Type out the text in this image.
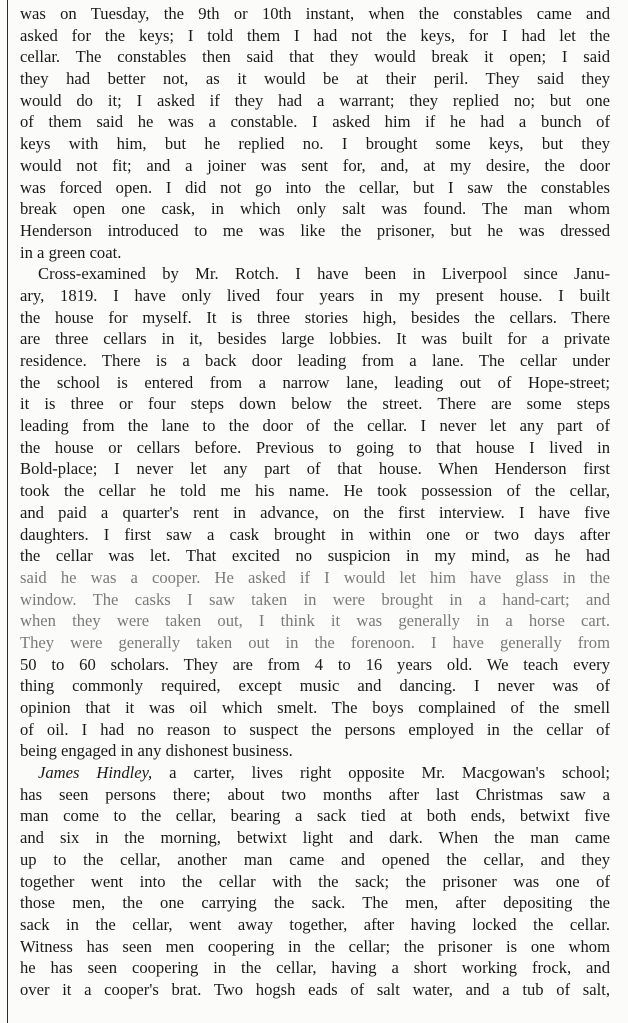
was on Tuesday, the 9th or 10th instant, when the constables came and
asked for the keys; I told them I had not the keys, for I had let the
cellar. The constables then said that they would break it open; I said
they had better not, as it would be at their peril. They said they
would do it; I asked if they had a warrant; they replied no; but one
of them said he was a constable. I asked him if he had a bunch of
keys with him, but he replied no. I brought some keys, but they
would not fit; and a joiner was sent for, and, at my desire, the door
was forced open. I did not go into the cellar, but I saw the constables
break open one cask, in which only salt was found. The man whom
Henderson introduced to me was like the prisoner, but he was dressed
in a green coat.
Cross-examined by Mr. Rotch. I have been in Liverpool since Janu-
ary, 1819. I have only lived four years in my present house. I built
the house for myself. It is three stories high, besides the cellars. There
are three cellars in it, besides large lobbies. It was built for a private
residence. There is a back door leading from a lane. The cellar under
the school is entered from a narrow lane, leading out of Hope-street;
it is three or four steps down below the street. There are some steps
leading from the lane to the door of the cellar. I never let any part of
the house or cellars before. Previous to going to that house I lived in
Bold-place; I never let any part of that house. When Henderson first
took the cellar he told me his name. He took possession of the cellar,
and paid a quarter's rent in advance, on the first interview. I have five
daughters. I first saw a cask brought in within one or two days after
the cellar was let. That excited no suspicion in my mind, as he had
said he was a cooper. He asked if I would let him have glass in the
window. The casks I saw taken in were brought in a hand-cart; and
when they were taken out, I think it was generally in a horse cart.
They were generally taken out in the forenoon. I have generally from
50 to 60 scholars. They are from 4 to 16 years old. We teach every
thing commonly required, except music and dancing. I never was of
opinion that it was oil which smelt. The boys complained of the smell
of oil. I had no reason to suspect the persons employed in the cellar of
being engaged in any dishonest business.
James Hindley, a carter, lives right opposite Mr. Macgowan's school;
has seen persons there; about two months after last Christmas saw a
man come to the cellar, bearing a sack tied at both ends, betwixt five
and six in the morning, betwixt light and dark. When the man came
up to the cellar, another man came and opened the cellar, and they
together went into the cellar with the sack; the prisoner was one of
those men, the one carrying the sack. The men, after depositing the
sack in the cellar, went away together, after having locked the cellar.
Witness has seen men coopering in the cellar; the prisoner is one whom
he has seen coopering in the cellar, having a short working frock, and
over it a cooper's brat. Two hogsh eads of salt water, and a tub of salt,
